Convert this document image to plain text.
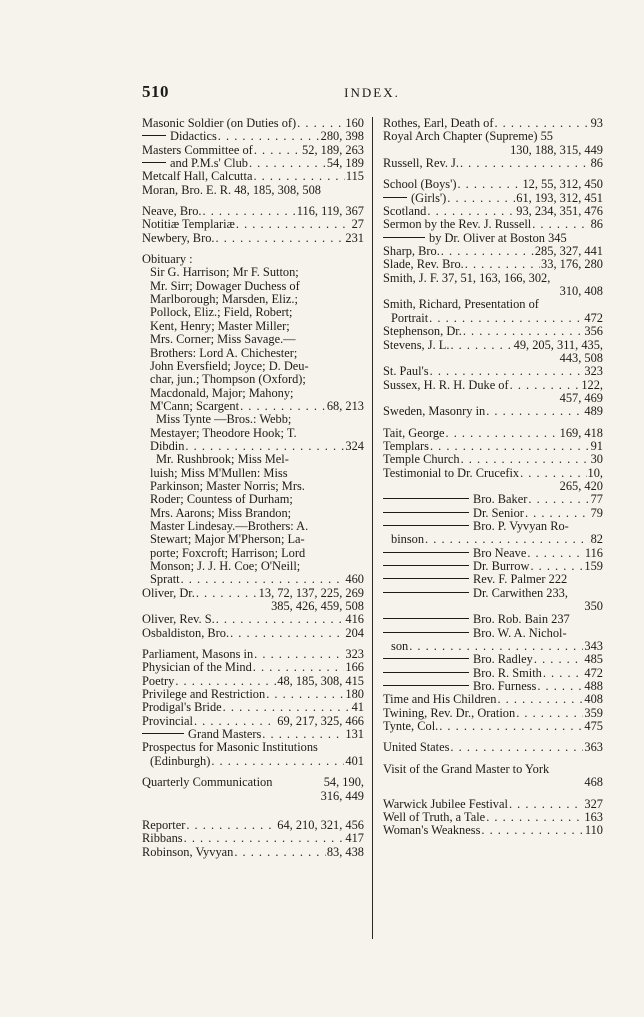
510	INDEX.
Masonic Soldier (on Duties of) . . .	160
Didactics . . .	280, 398
Masters Committee of . . .	52, 189, 263
and P.M.s' Club . . .	54, 189
Metcalf Hall, Calcutta . . .	115
Moran, Bro. E. R. 48, 185, 308, 508
Neave, Bro. . . .	116, 119, 367
Notitiæ Templariæ . . .	27
Newbery, Bro. . . .	231
Obituary :
Sir G. Harrison; Mr F. Sutton;
Mr. Sirr; Dowager Duchess of
Marlborough; Marsden, Eliz.;
Pollock, Eliz.; Field, Robert;
Kent, Henry; Master Miller;
Mrs. Corner; Miss Savage.—
Brothers: Lord A. Chichester;
John Eversfield; Joyce; D. Deu-
char, jun.; Thompson (Oxford);
Macdonald, Major; Mahony;
M'Cann; Scargent . . .	68, 213
Miss Tynte —Bros.: Webb;
Mestayer; Theodore Hook; T.
Dibdin . . .	324
Mr. Rushbrook; Miss Mel-
luish; Miss M'Mullen: Miss
Parkinson; Master Norris; Mrs.
Roder; Countess of Durham;
Mrs. Aarons; Miss Brandon;
Master Lindesay.—Brothers: A.
Stewart; Major M'Pherson; La-
porte; Foxcroft; Harrison; Lord
Monson; J. J. H. Coe; O'Neill;
Spratt . . .	460
Oliver, Dr. . . .	13, 72, 137, 225, 269
385, 426, 459, 508
Oliver, Rev. S. . . .	416
Osbaldiston, Bro. . . .	204
Parliament, Masons in . . .	323
Physician of the Mind . . .	166
Poetry . . .	48, 185, 308, 415
Privilege and Restriction . . .	180
Prodigal's Bride . . .	41
Provincial . . .	69, 217, 325, 466
Grand Masters . . .	131
Prospectus for Masonic Institutions
(Edinburgh) . . .	401
Quarterly Communication	54, 190,
316, 449
Reporter . . .	64, 210, 321, 456
Ribbans . . .	417
Robinson, Vyvyan . . .	83, 438
Rothes, Earl, Death of . . .	93
Royal Arch Chapter (Supreme) 55
130, 188, 315, 449
Russell, Rev. J. . . .	86
School (Boys') . . .	12, 55, 312, 450
(Girls') . . .	61, 193, 312, 451
Scotland . . .	93, 234, 351, 476
Sermon by the Rev. J. Russell . . .	86
by Dr. Oliver at Boston 345
Sharp, Bro. . . .	285, 327, 441
Slade, Rev. Bro. . . .	33, 176, 280
Smith, J. F. 37, 51, 163, 166, 302,
310, 408
Smith, Richard, Presentation of
Portrait . . .	472
Stephenson, Dr. . . .	356
Stevens, J. L. . . .	49, 205, 311, 435,
443, 508
St. Paul's . . .	323
Sussex, H. R. H. Duke of . . .	122,
457, 469
Sweden, Masonry in . . .	489
Tait, George . . .	169, 418
Templars . . .	91
Temple Church . . .	30
Testimonial to Dr. Crucefix . . .	10,
265, 420
Bro. Baker . . .	77
Dr. Senior . . .	79
Bro. P. Vyvyan Ro-
binson . . .	82
Bro Neave . . .	116
Dr. Burrow . . .	159
Rev. F. Palmer 222
Dr. Carwithen 233,
350
Bro. Rob. Bain 237
Bro. W. A. Nichol-
son . . .	343
Bro. Radley . . .	485
Bro. R. Smith . . .	472
Bro. Furness . . .	488
Time and His Children . . .	408
Twining, Rev. Dr., Oration . . .	359
Tynte, Col. . . .	475
United States . . .	363
Visit of the Grand Master to York
468
Warwick Jubilee Festival . . .	327
Well of Truth, a Tale . . .	163
Woman's Weakness . . .	110
